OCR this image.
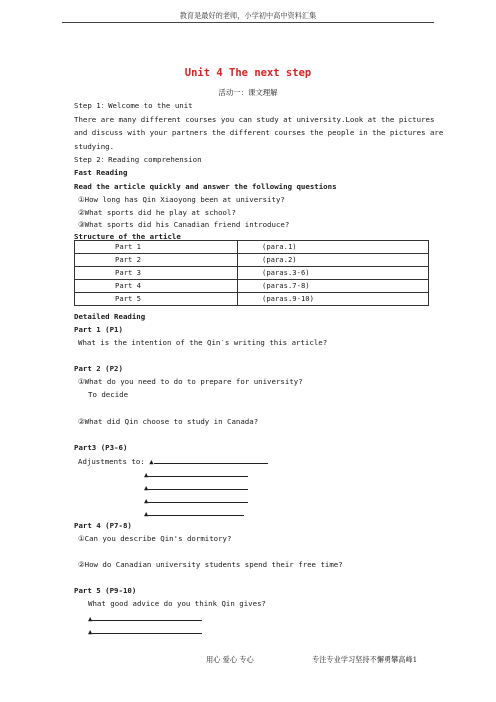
教育是最好的老师，小学初中高中资料汇集
Unit 4 The next step
活动一：课文理解
Step 1：Welcome to the unit
There are many different courses you can study at university.Look at the pictures
and discuss with your partners the different courses the people in the pictures are
studying.
Step 2：Reading comprehension
Fast Reading
Read the article quickly and answer the following questions
①How long has Qin Xiaoyong been at university?
②What sports did he play at school?
③What sports did his Canadian friend introduce?
Structure of the article
Part 1	(para.1)
Part 2	(para.2)
Part 3	(paras.3-6)
Part 4	(paras.7-8)
Part 5	(paras.9-10)
Detailed Reading
Part 1 (P1)
What is the intention of the Qin′s writing this article?
Part 2 (P2)
①What do you need to do to prepare for university?
To decide
②What did Qin choose to study in Canada?
Part3 (P3-6)
Adjustments to: ▲
▲
▲
▲
▲
Part 4 (P7-8)
①Can you describe Qin's dormitory?
②How do Canadian university students spend their free time?
Part 5 (P9-10)
What good advice do you think Qin gives?
▲
▲
用心 爱心 专心	专注专业学习坚持不懈勇攀高峰1
